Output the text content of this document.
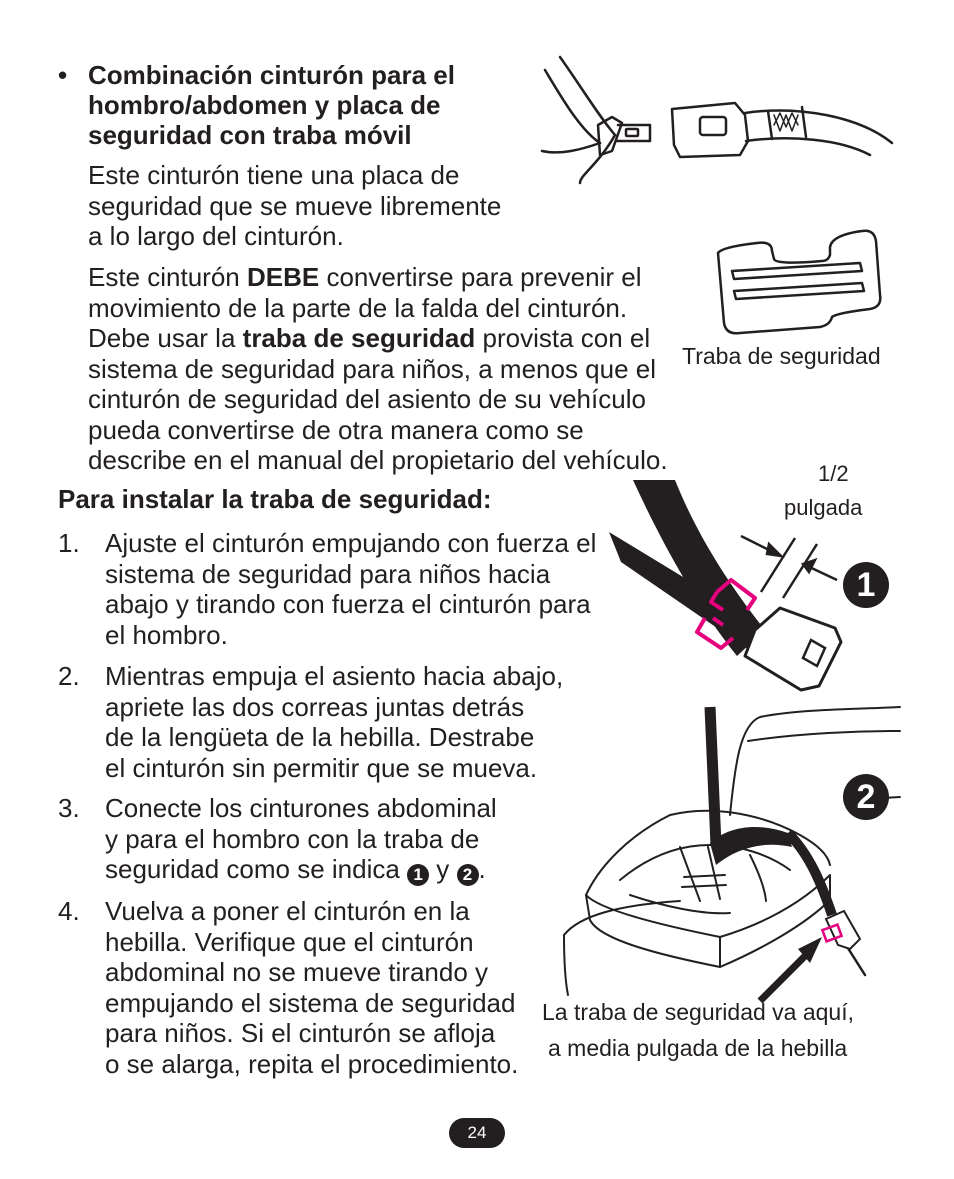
• Combinación cinturón para el
hombro/abdomen y placa de
seguridad con traba móvil
Este cinturón tiene una placa de
seguridad que se mueve libremente
a lo largo del cinturón.
Este cinturón DEBE convertirse para prevenir el
movimiento de la parte de la falda del cinturón.
Debe usar la traba de seguridad provista con el
sistema de seguridad para niños, a menos que el
cinturón de seguridad del asiento de su vehículo
pueda convertirse de otra manera como se
describe en el manual del propietario del vehículo.
Para instalar la traba de seguridad:
1. Ajuste el cinturón empujando con fuerza el
sistema de seguridad para niños hacia
abajo y tirando con fuerza el cinturón para
el hombro.
2. Mientras empuja el asiento hacia abajo,
apriete las dos correas juntas detrás
de la lengüeta de la hebilla. Destrabe
el cinturón sin permitir que se mueva.
3. Conecte los cinturones abdominal
y para el hombro con la traba de
seguridad como se indica 1 y 2 .
4. Vuelva a poner el cinturón en la
hebilla. Verifique que el cinturón
abdominal no se mueve tirando y
empujando el sistema de seguridad
para niños. Si el cinturón se afloja
o se alarga, repita el procedimiento.
Traba de seguridad
1/2
pulgada
1
2
La traba de seguridad va aquí,
a media pulgada de la hebilla
24
